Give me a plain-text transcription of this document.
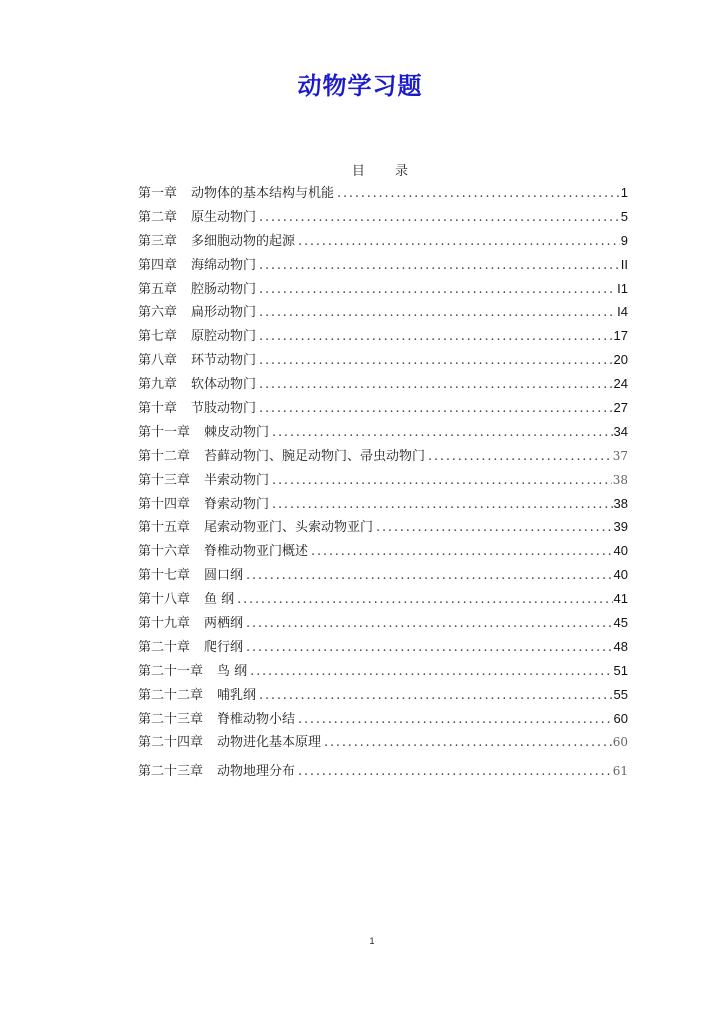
动物学习题
目 录
第一章 动物体的基本结构与机能 .....	1
第二章 原生动物门 .....	5
第三章 多细胞动物的起源 .....	9
第四章 海绵动物门 .....	II
第五章 腔肠动物门 .....	I1
第六章 扁形动物门 .....	I4
第七章 原腔动物门 .....	17
第八章 环节动物门 .....	20
第九章 软体动物门 .....	24
第十章 节肢动物门 .....	27
第十一章 棘皮动物门 .....	34
第十二章 苔藓动物门、腕足动物门、帚虫动物门 .....	37
第十三章 半索动物门 .....	38
第十四章 脊索动物门 .....	38
第十五章 尾索动物亚门、头索动物亚门 .....	39
第十六章 脊椎动物亚门概述 .....	40
第十七章 圆口纲 .....	40
第十八章 鱼 纲 .....	41
第十九章 两栖纲 .....	45
第二十章 爬行纲 .....	48
第二十一章 鸟 纲 .....	51
第二十二章 哺乳纲 .....	55
第二十三章 脊椎动物小结 .....	60
第二十四章 动物进化基本原理 .....	60
第二十三章 动物地理分布 .....	61
1
